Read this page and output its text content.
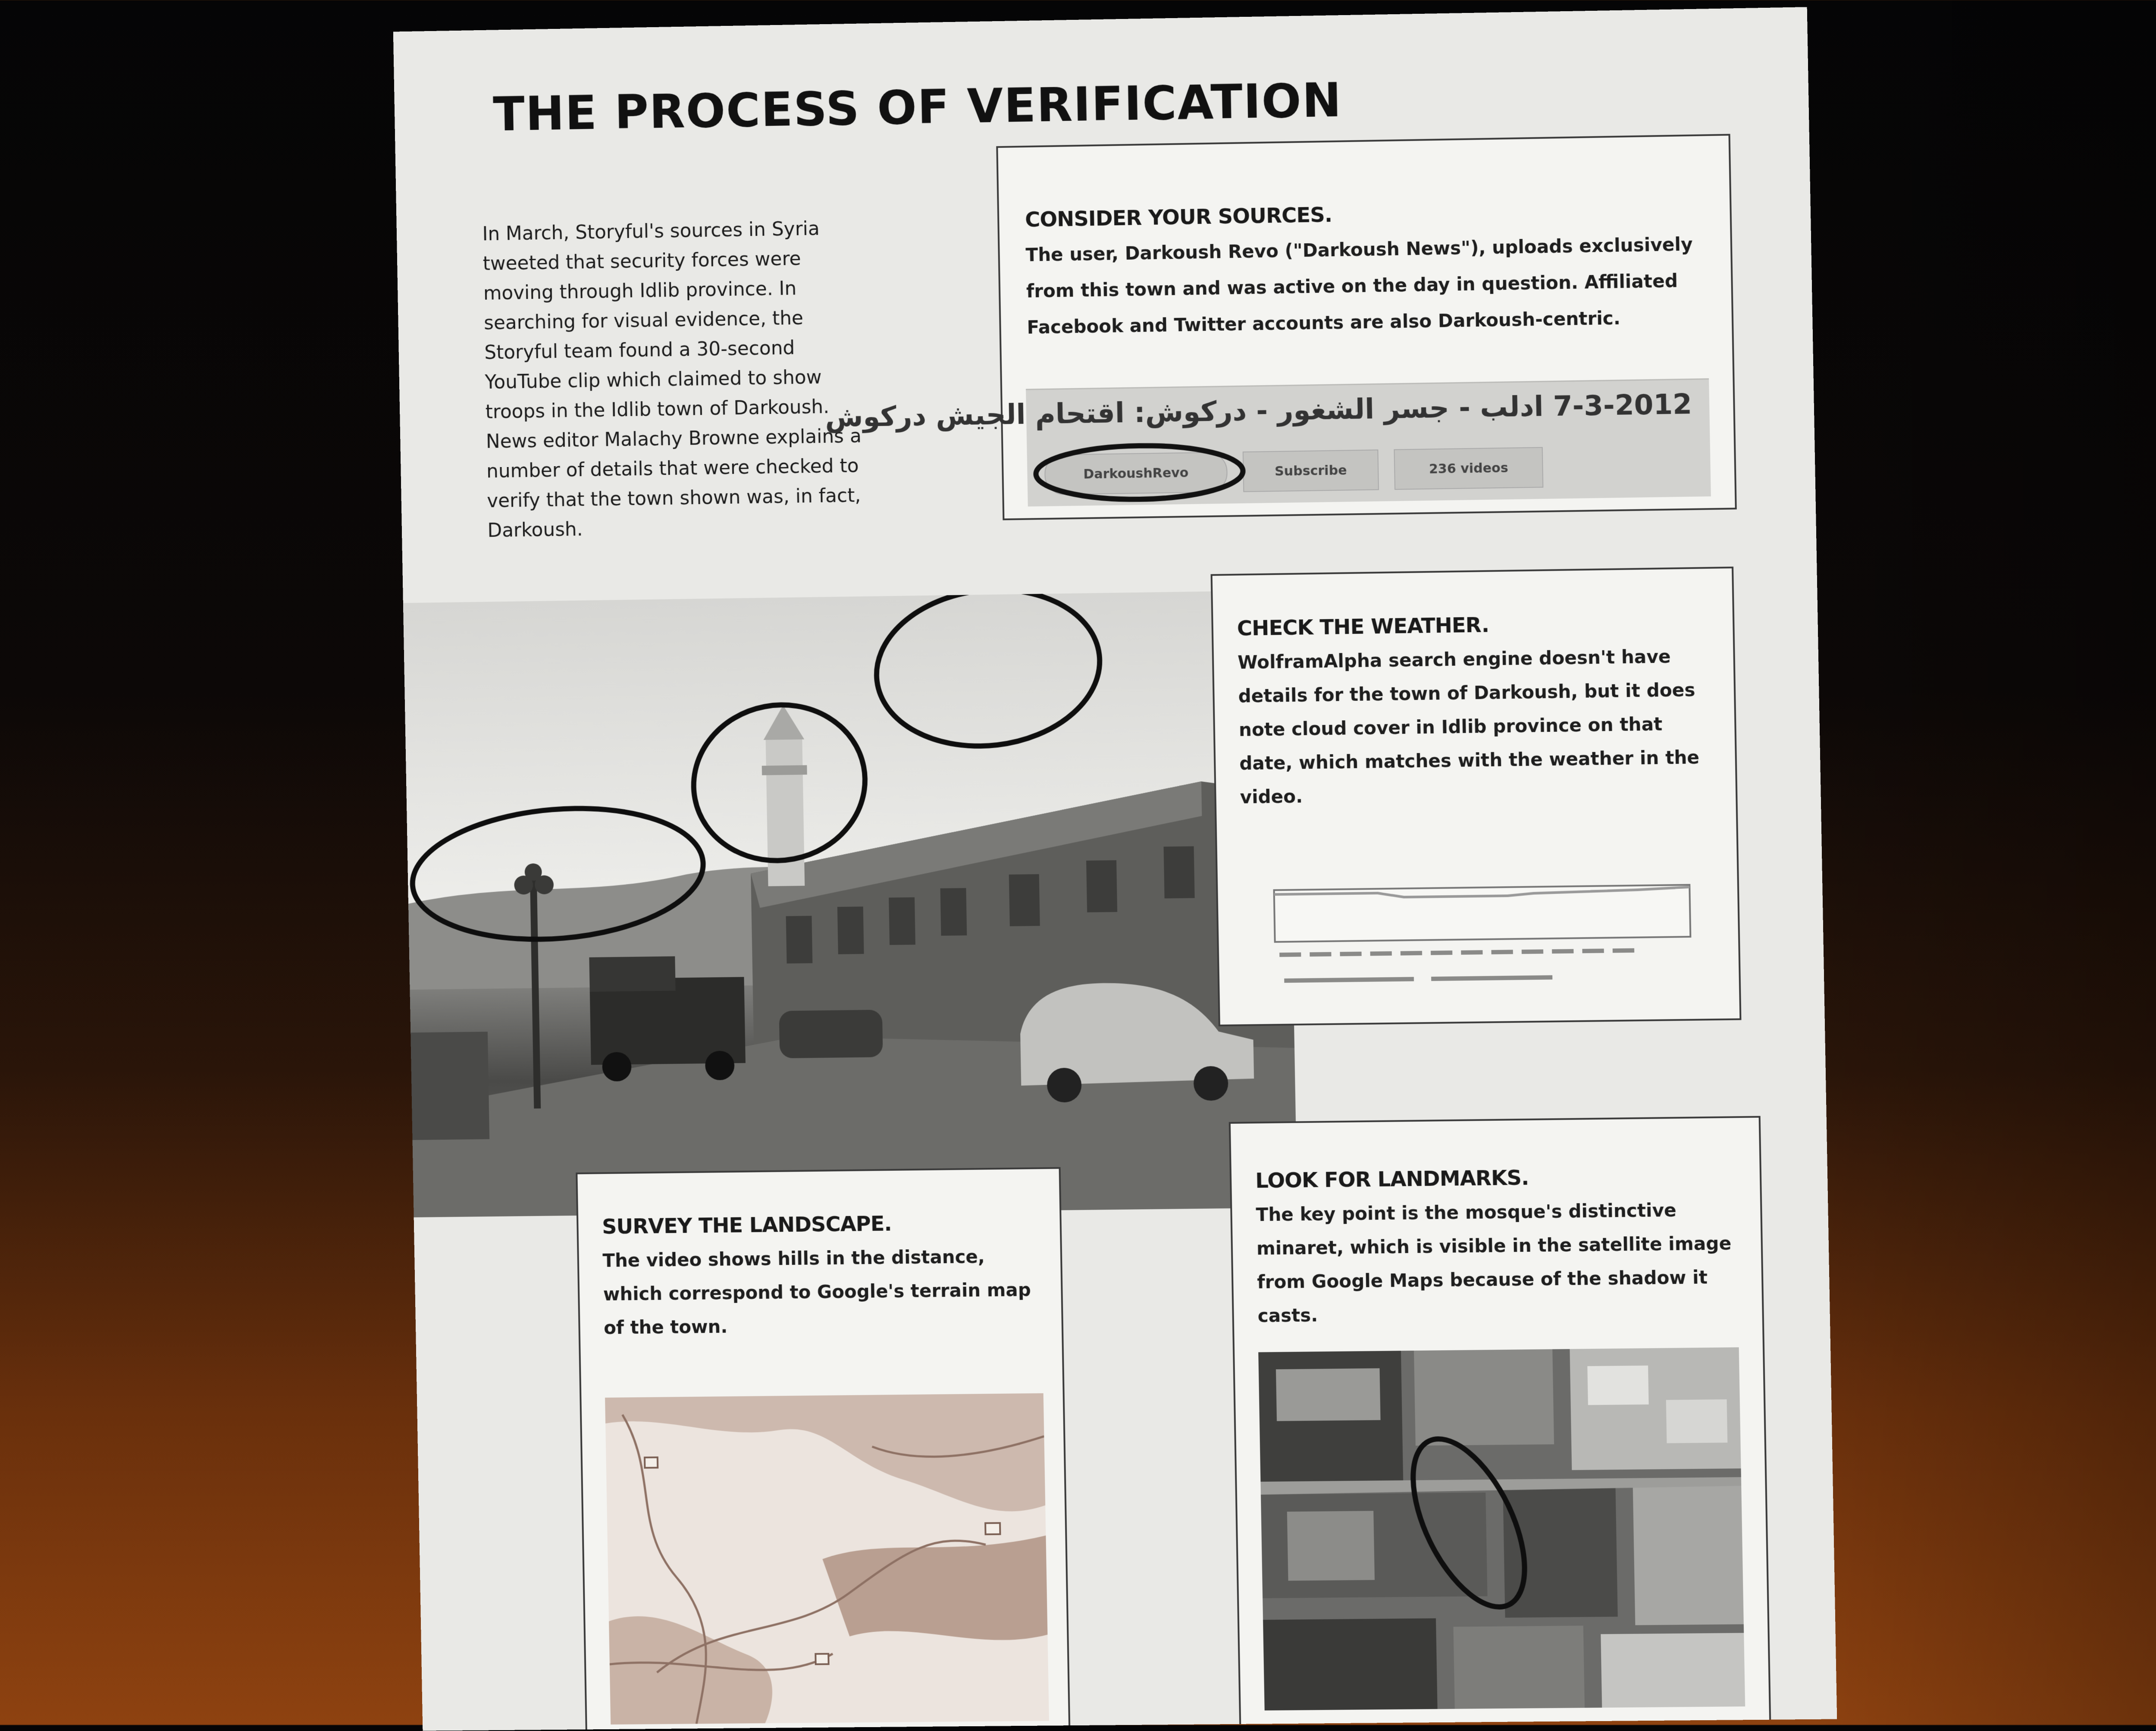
THE PROCESS OF VERIFICATION
In March, Storyful's sources in Syria tweeted that security forces were moving through Idlib province. In searching for visual evidence, the Storyful team found a 30-second YouTube clip which claimed to show troops in the Idlib town of Darkoush. News editor Malachy Browne explains a number of details that were checked to verify that the town shown was, in fact, Darkoush.
CONSIDER YOUR SOURCES.

The user, Darkoush Revo ("Darkoush News"), uploads exclusively from this town and was active on the day in question. Affiliated Facebook and Twitter accounts are also Darkoush-centric.

7-3-2012 ادلب - جسر الشغور - دركوش: اقتحام الجيش دركوش
DarkoushRevo	Subscribe	236 videos
CHECK THE WEATHER.

WolframAlpha search engine doesn't have details for the town of Darkoush, but it does note cloud cover in Idlib province on that date, which matches with the weather in the video.

SURVEY THE LANDSCAPE.

The video shows hills in the distance, which correspond to Google's terrain map of the town.

LOOK FOR LANDMARKS.

The key point is the mosque's distinctive minaret, which is visible in the satellite image from Google Maps because of the shadow it casts.
